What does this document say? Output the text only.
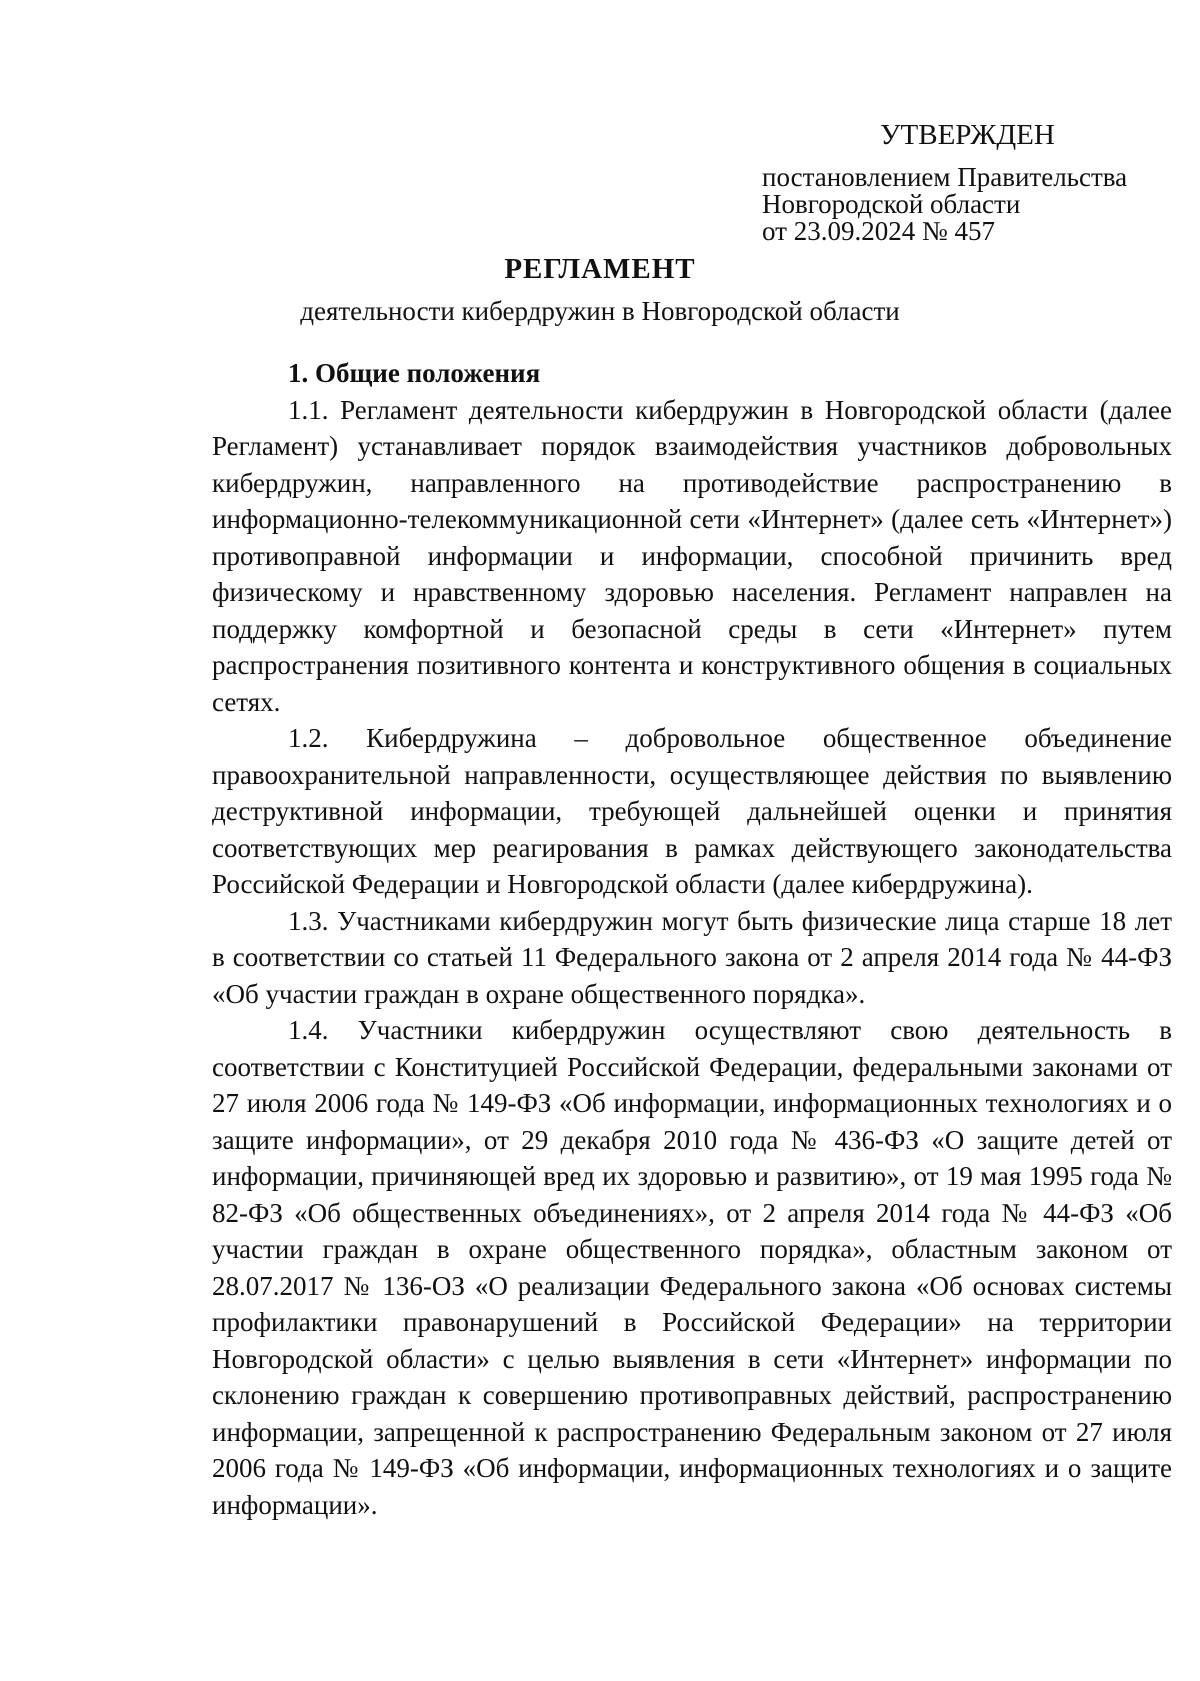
УТВЕРЖДЕН
постановлением Правительства
Новгородской области
от 23.09.2024 № 457
РЕГЛАМЕНТ
деятельности кибердружин в Новгородской области

1. Общие положения

1.1. Регламент деятельности кибердружин в Новгородской области (далее Регламент) устанавливает порядок взаимодействия участников добровольных кибердружин, направленного на противодействие распространению в информационно-телекоммуникационной сети «Интернет» (далее сеть «Интернет») противоправной информации и информации, способной причинить вред физическому и нравственному здоровью населения. Регламент направлен на поддержку комфортной и безопасной среды в сети «Интернет» путем распространения позитивного контента и конструктивного общения в социальных сетях.

1.2. Кибердружина – добровольное общественное объединение правоохранительной направленности, осуществляющее действия по выявлению деструктивной информации, требующей дальнейшей оценки и принятия соответствующих мер реагирования в рамках действующего законодательства Российской Федерации и Новгородской области (далее кибердружина).

1.3. Участниками кибердружин могут быть физические лица старше 18 лет в соответствии со статьей 11 Федерального закона от 2 апреля 2014 года № 44-ФЗ «Об участии граждан в охране общественного порядка».

1.4. Участники кибердружин осуществляют свою деятельность в соответствии с Конституцией Российской Федерации, федеральными законами от 27 июля 2006 года № 149-ФЗ «Об информации, информационных технологиях и о защите информации», от 29 декабря 2010 года № 436-ФЗ «О защите детей от информации, причиняющей вред их здоровью и развитию», от 19 мая 1995 года № 82-ФЗ «Об общественных объединениях», от 2 апреля 2014 года № 44-ФЗ «Об участии граждан в охране общественного порядка», областным законом от 28.07.2017 № 136-ОЗ «О реализации Федерального закона «Об основах системы профилактики правонарушений в Российской Федерации» на территории Новгородской области» с целью выявления в сети «Интернет» информации по склонению граждан к совершению противоправных действий, распространению информации, запрещенной к распространению Федеральным законом от 27 июля 2006 года № 149-ФЗ «Об информации, информационных технологиях и о защите информации».
